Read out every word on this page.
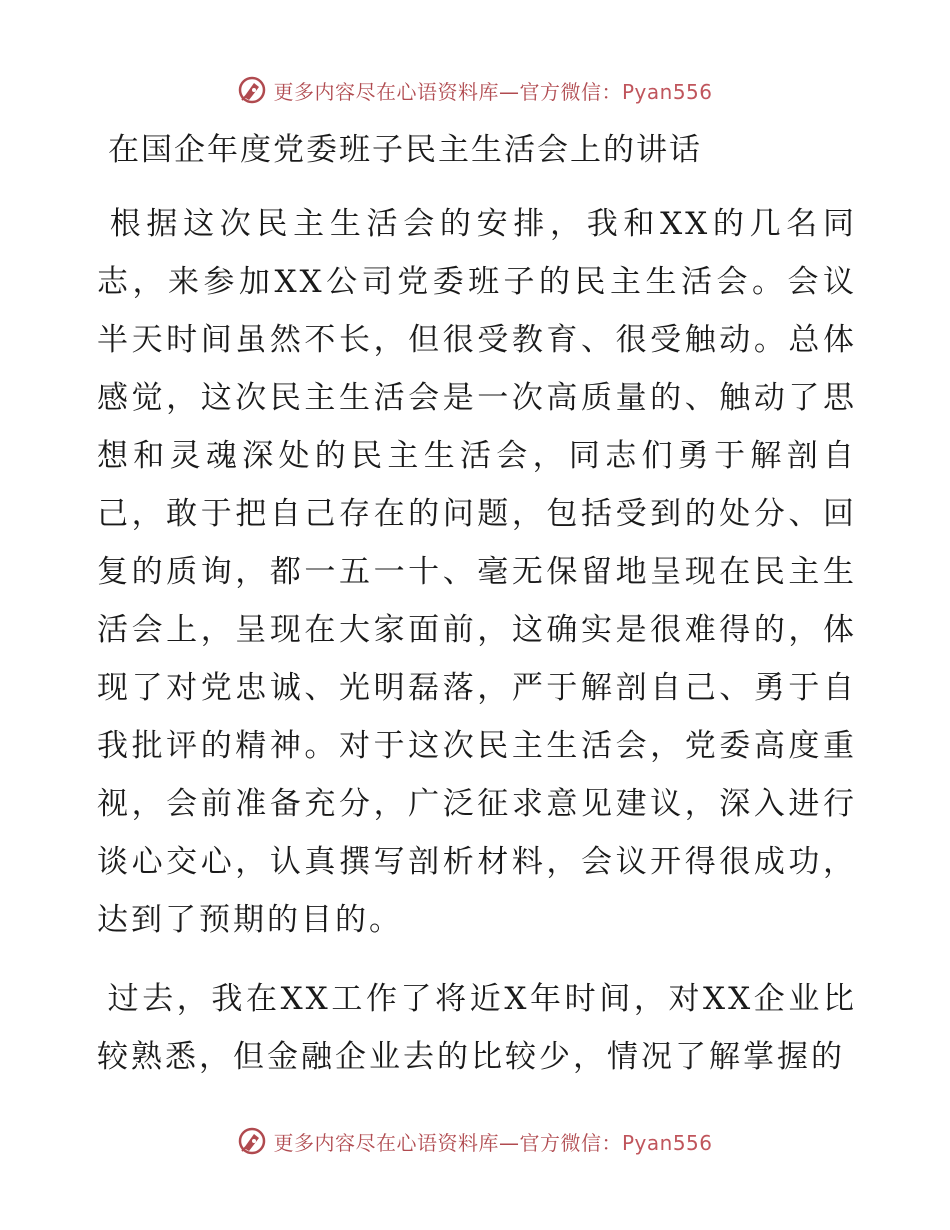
更多内容尽在心语资料库—官方微信：Pyan556
在国企年度党委班子民主生活会上的讲话

根据这次民主生活会的安排，我和XX的几名同志，来参加XX公司党委班子的民主生活会。会议半天时间虽然不长，但很受教育、很受触动。总体感觉，这次民主生活会是一次高质量的、触动了思想和灵魂深处的民主生活会，同志们勇于解剖自己，敢于把自己存在的问题，包括受到的处分、回复的质询，都一五一十、毫无保留地呈现在民主生活会上，呈现在大家面前，这确实是很难得的，体现了对党忠诚、光明磊落，严于解剖自己、勇于自我批评的精神。对于这次民主生活会，党委高度重视，会前准备充分，广泛征求意见建议，深入进行谈心交心，认真撰写剖析材料，会议开得很成功，达到了预期的目的。

过去，我在XX工作了将近X年时间，对XX企业比较熟悉，但金融企业去的比较少，情况了解掌握的

更多内容尽在心语资料库—官方微信：Pyan556
